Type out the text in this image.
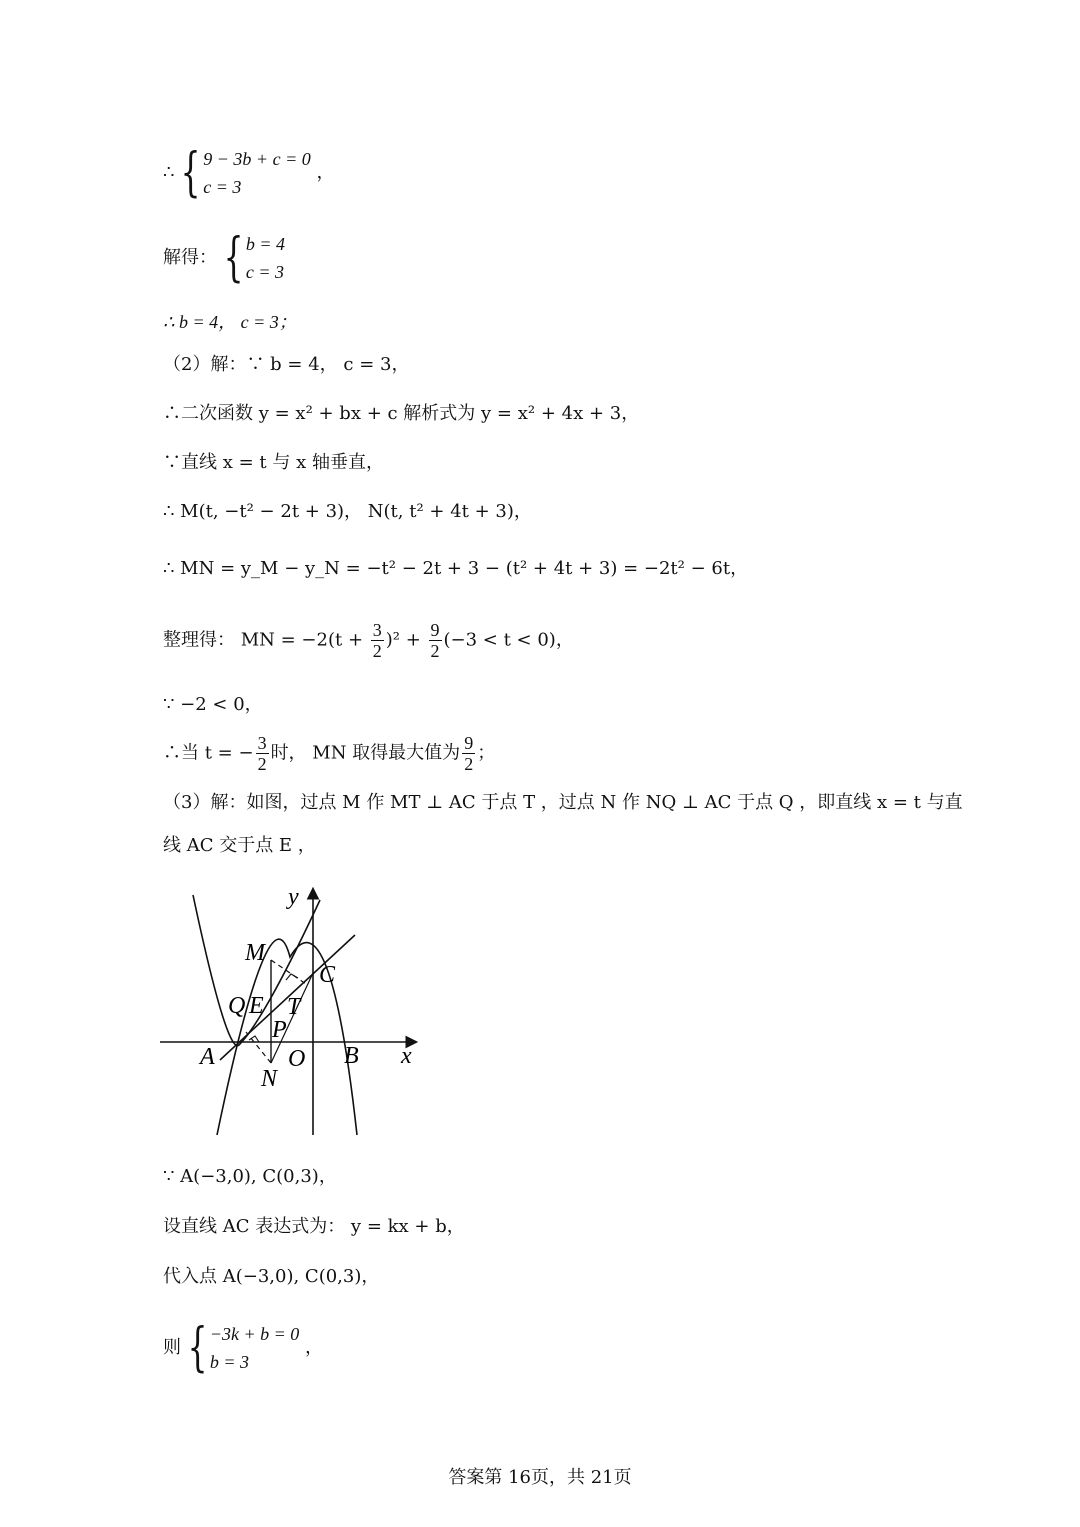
∴ { 9 − 3b + c = 0
c = 3
，
解得： { b = 4
c = 3
∴ b = 4， c = 3；
（2）解：∵ b = 4， c = 3，
∴二次函数 y = x² + bx + c 解析式为 y = x² + 4x + 3，
∵直线 x = t 与 x 轴垂直，
∴ M(t, −t² − 2t + 3)， N(t, t² + 4t + 3)，
∴ MN = y_M − y_N = −t² − 2t + 3 − (t² + 4t + 3) = −2t² − 6t，
整理得： MN = $-2(t + \frac{3}{2} )^2 + \frac{9}{2} (-3 < t < 0)$，
∵ −2 < 0，
∴当 t = − $\frac{3}{2}$ 时， MN 取得最大值为 $\frac{9}{2}$ ；
（3）解：如图，过点 M 作 MT ⊥ AC 于点 T ，过点 N 作 NQ ⊥ AC 于点 Q ，即直线 x = t 与直
线 AC 交于点 E ，
y
x
M
C
Q E T
P
A	O B
N
∵ A(−3,0), C(0,3)，
设直线 AC 表达式为： y = kx + b，
代入点 A(−3,0), C(0,3)，
则 { −3k + b = 0
b = 3
，
答案第 16页，共 21页
